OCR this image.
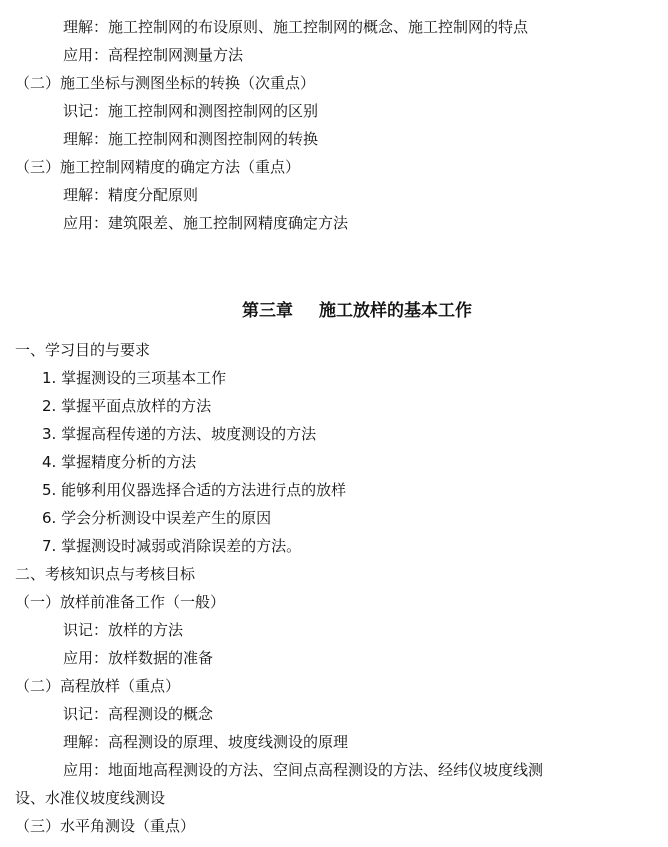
理解：施工控制网的布设原则、施工控制网的概念、施工控制网的特点
应用：高程控制网测量方法
（二）施工坐标与测图坐标的转换（次重点）
识记：施工控制网和测图控制网的区别
理解：施工控制网和测图控制网的转换
（三）施工控制网精度的确定方法（重点）
理解：精度分配原则
应用：建筑限差、施工控制网精度确定方法
第三章 施工放样的基本工作
一、学习目的与要求
1. 掌握测设的三项基本工作
2. 掌握平面点放样的方法
3. 掌握高程传递的方法、坡度测设的方法
4. 掌握精度分析的方法
5. 能够利用仪器选择合适的方法进行点的放样
6. 学会分析测设中误差产生的原因
7. 掌握测设时减弱或消除误差的方法。
二、考核知识点与考核目标
（一）放样前准备工作（一般）
识记：放样的方法
应用：放样数据的准备
（二）高程放样（重点）
识记：高程测设的概念
理解：高程测设的原理、坡度线测设的原理
应用：地面地高程测设的方法、空间点高程测设的方法、经纬仪坡度线测
设、水准仪坡度线测设
（三）水平角测设（重点）
